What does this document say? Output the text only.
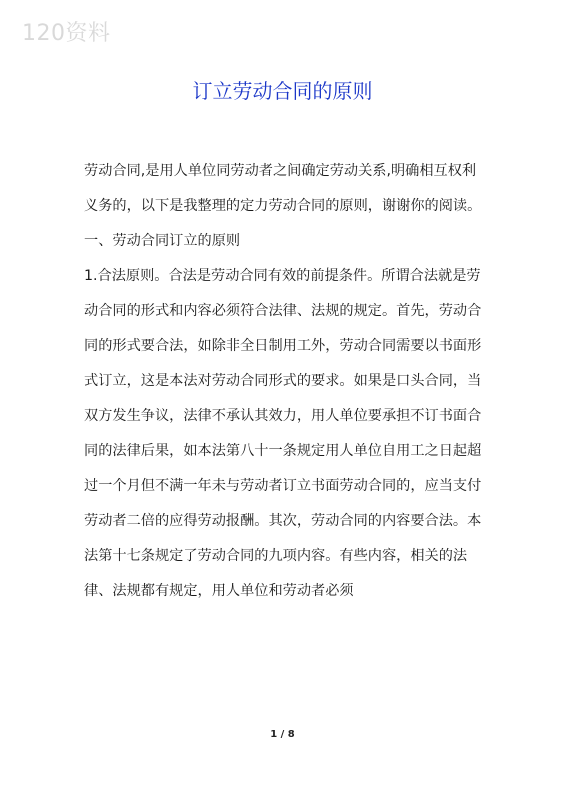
120资料
订立劳动合同的原则

劳动合同,是用人单位同劳动者之间确定劳动关系,明确相互权利义务的，以下是我整理的定力劳动合同的原则，谢谢你的阅读。

一、劳动合同订立的原则

1.合法原则。合法是劳动合同有效的前提条件。所谓合法就是劳动合同的形式和内容必须符合法律、法规的规定。首先，劳动合同的形式要合法，如除非全日制用工外，劳动合同需要以书面形式订立，这是本法对劳动合同形式的要求。如果是口头合同，当双方发生争议，法律不承认其效力，用人单位要承担不订书面合同的法律后果，如本法第八十一条规定用人单位自用工之日起超过一个月但不满一年未与劳动者订立书面劳动合同的，应当支付劳动者二倍的应得劳动报酬。其次，劳动合同的内容要合法。本法第十七条规定了劳动合同的九项内容。有些内容，相关的法律、法规都有规定，用人单位和劳动者必须

1 / 8
